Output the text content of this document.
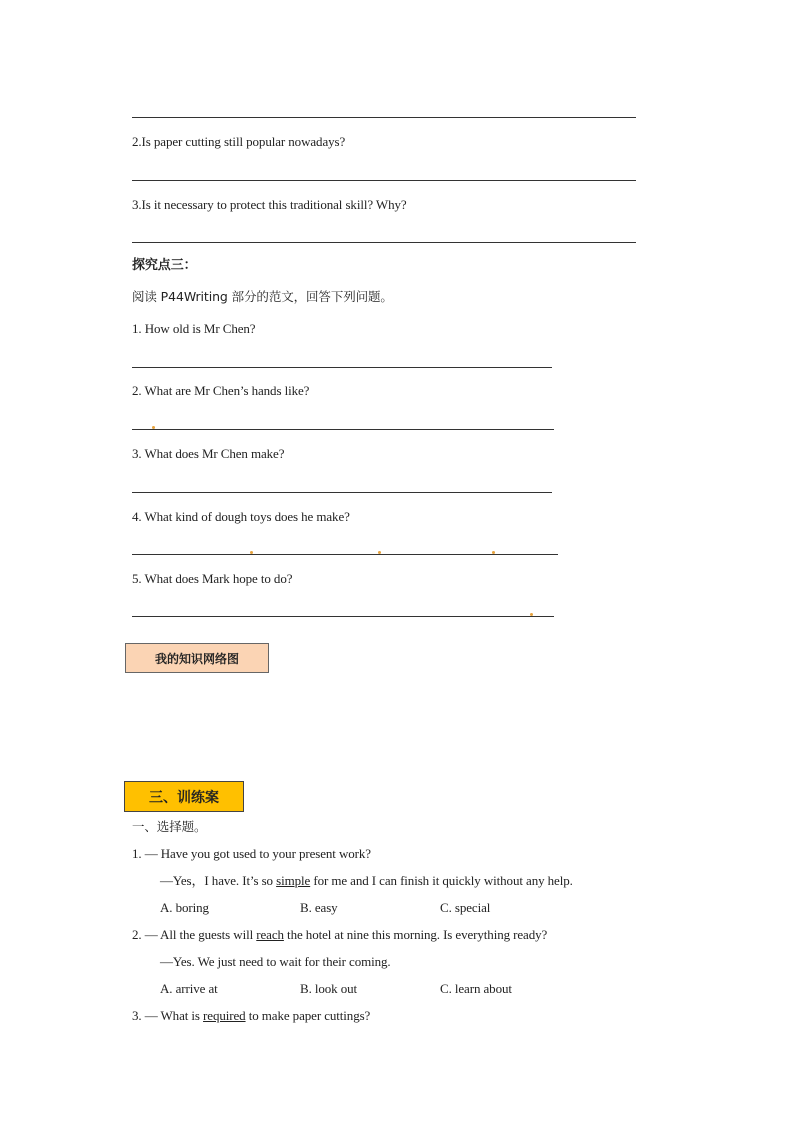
2.Is paper cutting still popular nowadays?
3.Is it necessary to protect this traditional skill? Why?
探究点三：
阅读 P44Writing 部分的范文，回答下列问题。
1. How old is Mr Chen?
2. What are Mr Chen’s hands like?
3. What does Mr Chen make?
4. What kind of dough toys does he make?
5. What does Mark hope to do?
我的知识网络图
三、训练案
一、选择题。
1. — Have you got used to your present work?
—Yes，I have. It’s so simple for me and I can finish it quickly without any help.
A. boring	B. easy	C. special
2. — All the guests will reach the hotel at nine this morning. Is everything ready?
—Yes. We just need to wait for their coming.
A. arrive at	B. look out	C. learn about
3. — What is required to make paper cuttings?
